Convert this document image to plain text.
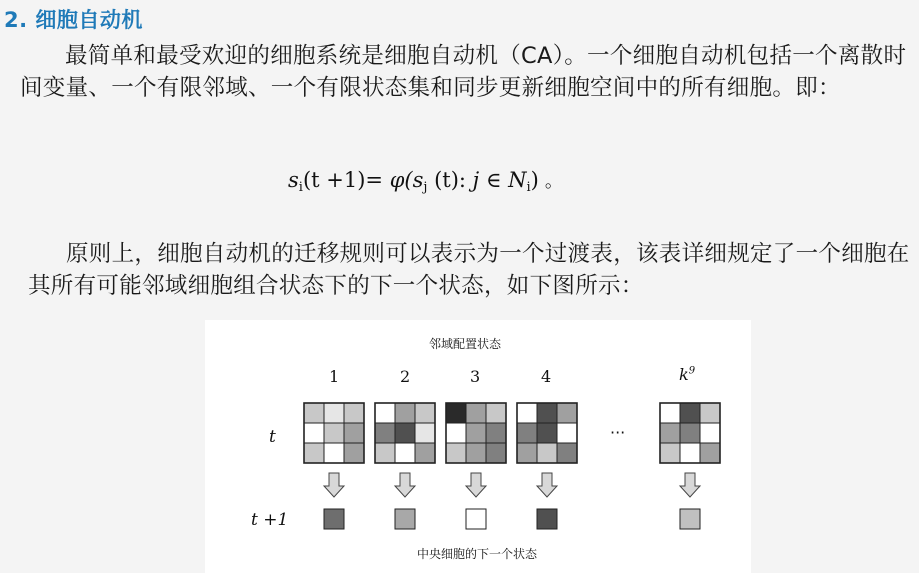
2. 细胞自动机
最简单和最受欢迎的细胞系统是细胞自动机（CA）。一个细胞自动机包括一个离散时间变量、一个有限邻域、一个有限状态集和同步更新细胞空间中的所有细胞。即：
$s_i(t +1)= \varphi(s_j$ (t): j ∈ $N_i$) 。
原则上，细胞自动机的迁移规则可以表示为一个过渡表，该表详细规定了一个细胞在其所有可能邻域细胞组合状态下的下一个状态，如下图所示：
邻域配置状态
1	2	3	4	$k^9$
t	···
t +1
中央细胞的下一个状态
